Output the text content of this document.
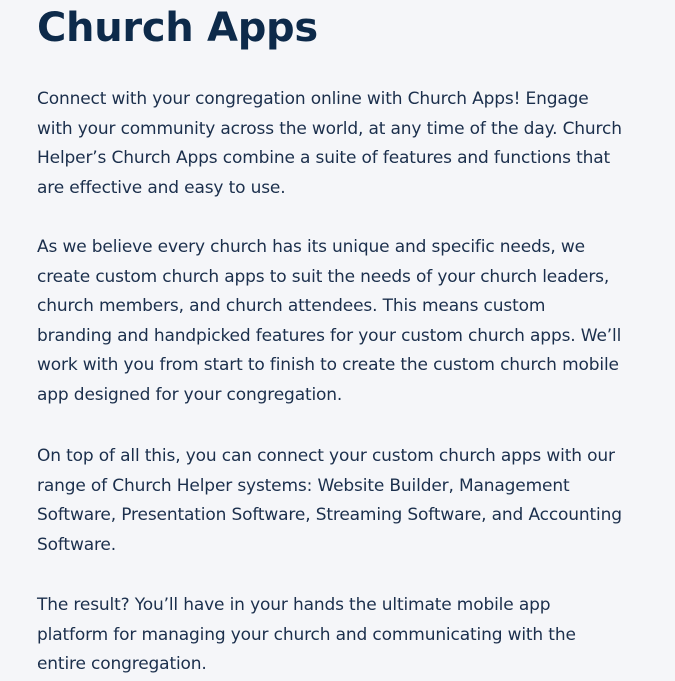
Church Apps

Connect with your congregation online with Church Apps! Engage
with your community across the world, at any time of the day. Church
Helper’s Church Apps combine a suite of features and functions that
are effective and easy to use.

As we believe every church has its unique and specific needs, we
create custom church apps to suit the needs of your church leaders,
church members, and church attendees. This means custom
branding and handpicked features for your custom church apps. We’ll
work with you from start to finish to create the custom church mobile
app designed for your congregation.

On top of all this, you can connect your custom church apps with our
range of Church Helper systems: Website Builder, Management
Software, Presentation Software, Streaming Software, and Accounting
Software.

The result? You’ll have in your hands the ultimate mobile app
platform for managing your church and communicating with the
entire congregation.
